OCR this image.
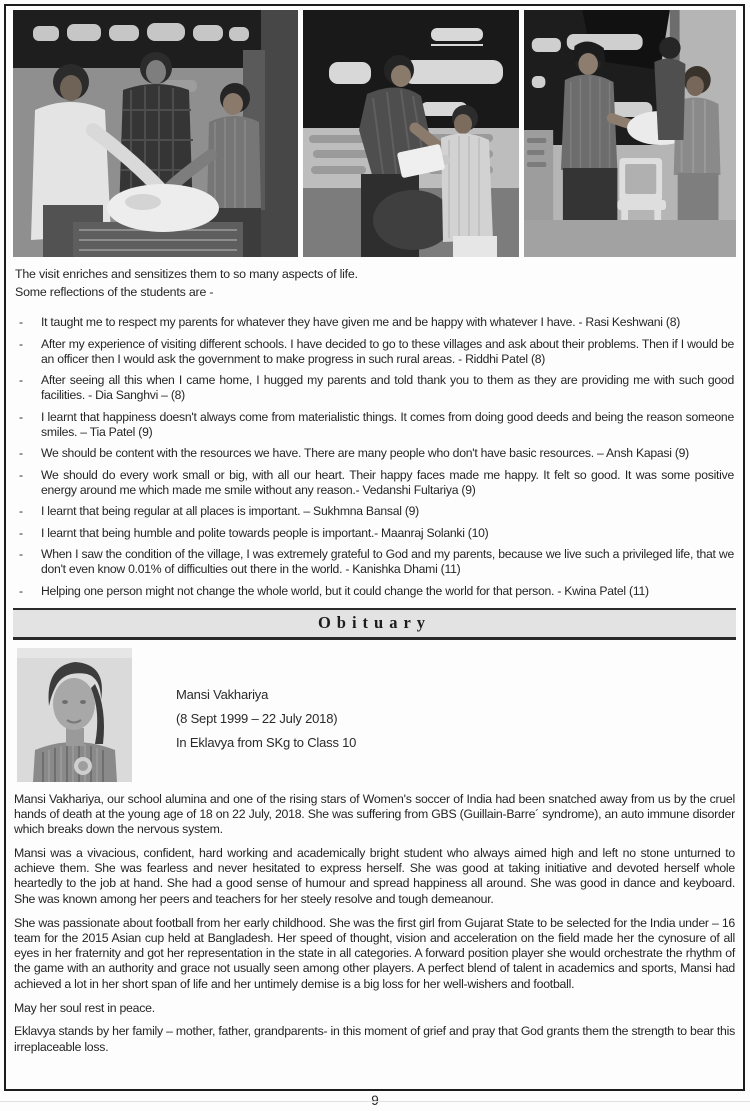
The visit enriches and sensitizes them to so many aspects of life.
Some reflections of the students are -
-	It taught me to respect my parents for whatever they have given me and be happy with whatever I have. - Rasi Keshwani (8)
-	After my experience of visiting different schools. I have decided to go to these villages and ask about their problems. Then if I would be an officer then I would ask the government to make progress in such rural areas. - Riddhi Patel (8)
-	After seeing all this when I came home, I hugged my parents and told thank you to them as they are providing me with such good facilities. - Dia Sanghvi – (8)
-	I learnt that happiness doesn't always come from materialistic things. It comes from doing good deeds and being the reason someone smiles. – Tia Patel (9)
-	We should be content with the resources we have. There are many people who don't have basic resources. – Ansh Kapasi (9)
-	We should do every work small or big, with all our heart. Their happy faces made me happy. It felt so good. It was some positive energy around me which made me smile without any reason.- Vedanshi Fultariya (9)
-	I learnt that being regular at all places is important. – Sukhmna Bansal (9)
-	I learnt that being humble and polite towards people is important.- Maanraj Solanki (10)
-	When I saw the condition of the village, I was extremely grateful to God and my parents, because we live such a privileged life, that we don't even know 0.01% of difficulties out there in the world. - Kanishka Dhami (11)
-	Helping one person might not change the whole world, but it could change the world for that person. - Kwina Patel (11)
Obituary
Mansi Vakhariya
(8 Sept 1999 – 22 July 2018)
In Eklavya from SKg to Class 10

Mansi Vakhariya, our school alumina and one of the rising stars of Women's soccer of India had been snatched away from us by the cruel hands of death at the young age of 18 on 22 July, 2018. She was suffering from GBS (Guillain-Barre´ syndrome), an auto immune disorder which breaks down the nervous system.

Mansi was a vivacious, confident, hard working and academically bright student who always aimed high and left no stone unturned to achieve them. She was fearless and never hesitated to express herself. She was good at taking initiative and devoted herself whole heartedly to the job at hand. She had a good sense of humour and spread happiness all around. She was good in dance and keyboard. She was known among her peers and teachers for her steely resolve and tough demeanour.

She was passionate about football from her early childhood. She was the first girl from Gujarat State to be selected for the India under – 16 team for the 2015 Asian cup held at Bangladesh. Her speed of thought, vision and acceleration on the field made her the cynosure of all eyes in her fraternity and got her representation in the state in all categories. A forward position player she would orchestrate the rhythm of the game with an authority and grace not usually seen among other players. A perfect blend of talent in academics and sports, Mansi had achieved a lot in her short span of life and her untimely demise is a big loss for her well-wishers and football.

May her soul rest in peace.

Eklavya stands by her family – mother, father, grandparents- in this moment of grief and pray that God grants them the strength to bear this irreplaceable loss.
